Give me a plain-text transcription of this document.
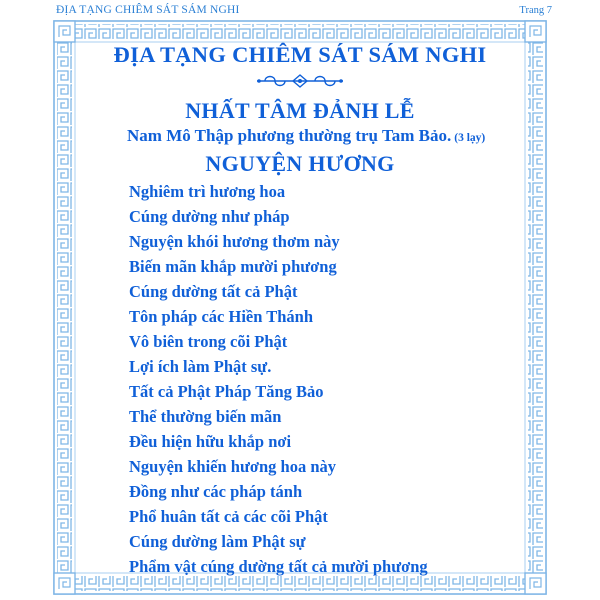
ĐỊA TẠNG CHIÊM SÁT SÁM NGHI	Trang 7
ĐỊA TẠNG CHIÊM SÁT SÁM NGHI
NHẤT TÂM ĐẢNH LỄ
Nam Mô Thập phương thường trụ Tam Bảo. (3 lạy)
NGUYỆN HƯƠNG
Nghiêm trì hương hoa
Cúng dường như pháp
Nguyện khói hương thơm này
Biến mãn khắp mười phương
Cúng dường tất cả Phật
Tôn pháp các Hiền Thánh
Vô biên trong cõi Phật
Lợi ích làm Phật sự.
Tất cả Phật Pháp Tăng Bảo
Thể thường biến mãn
Đều hiện hữu khắp nơi
Nguyện khiến hương hoa này
Đồng như các pháp tánh
Phổ huân tất cả các cõi Phật
Cúng dường làm Phật sự
Phẩm vật cúng dường tất cả mười phương
